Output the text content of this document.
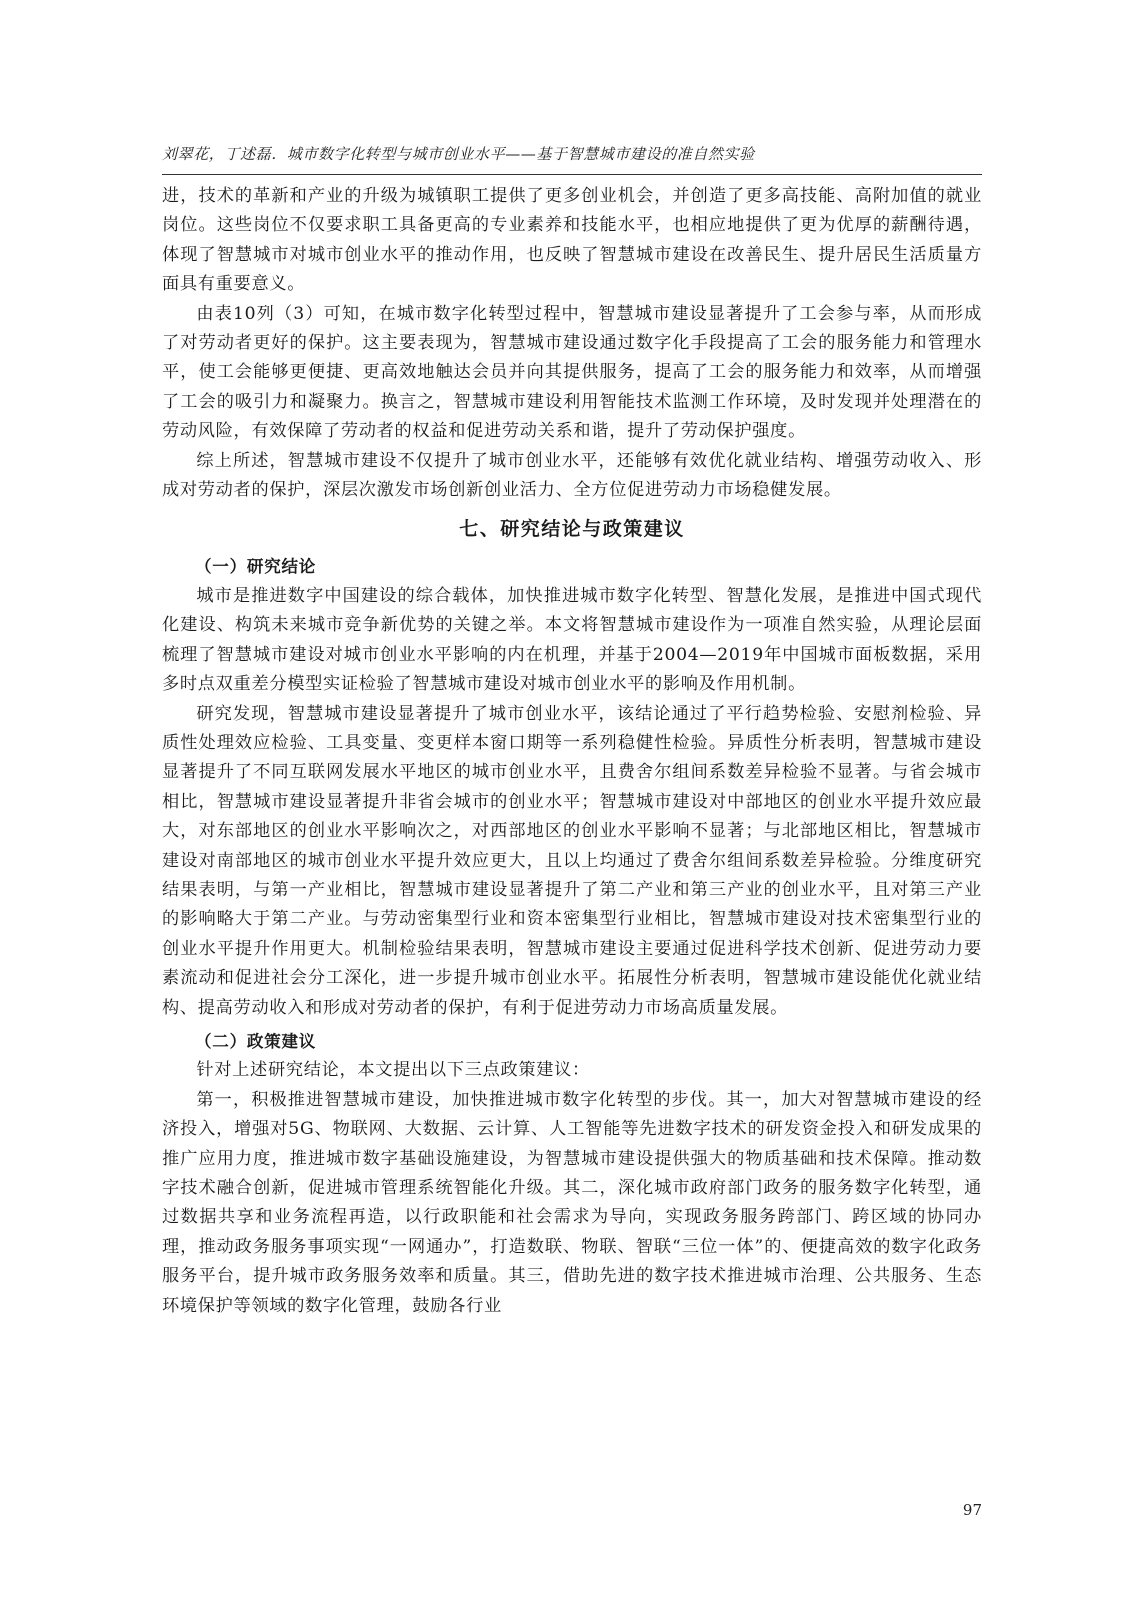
刘翠花，丁述磊．城市数字化转型与城市创业水平——基于智慧城市建设的准自然实验

进，技术的革新和产业的升级为城镇职工提供了更多创业机会，并创造了更多高技能、高附加值的就业岗位。这些岗位不仅要求职工具备更高的专业素养和技能水平，也相应地提供了更为优厚的薪酬待遇，体现了智慧城市对城市创业水平的推动作用，也反映了智慧城市建设在改善民生、提升居民生活质量方面具有重要意义。

由表10列（3）可知，在城市数字化转型过程中，智慧城市建设显著提升了工会参与率，从而形成了对劳动者更好的保护。这主要表现为，智慧城市建设通过数字化手段提高了工会的服务能力和管理水平，使工会能够更便捷、更高效地触达会员并向其提供服务，提高了工会的服务能力和效率，从而增强了工会的吸引力和凝聚力。换言之，智慧城市建设利用智能技术监测工作环境，及时发现并处理潜在的劳动风险，有效保障了劳动者的权益和促进劳动关系和谐，提升了劳动保护强度。

综上所述，智慧城市建设不仅提升了城市创业水平，还能够有效优化就业结构、增强劳动收入、形成对劳动者的保护，深层次激发市场创新创业活力、全方位促进劳动力市场稳健发展。

七、研究结论与政策建议
（一）研究结论

城市是推进数字中国建设的综合载体，加快推进城市数字化转型、智慧化发展，是推进中国式现代化建设、构筑未来城市竞争新优势的关键之举。本文将智慧城市建设作为一项准自然实验，从理论层面梳理了智慧城市建设对城市创业水平影响的内在机理，并基于2004—2019年中国城市面板数据，采用多时点双重差分模型实证检验了智慧城市建设对城市创业水平的影响及作用机制。

研究发现，智慧城市建设显著提升了城市创业水平，该结论通过了平行趋势检验、安慰剂检验、异质性处理效应检验、工具变量、变更样本窗口期等一系列稳健性检验。异质性分析表明，智慧城市建设显著提升了不同互联网发展水平地区的城市创业水平，且费舍尔组间系数差异检验不显著。与省会城市相比，智慧城市建设显著提升非省会城市的创业水平；智慧城市建设对中部地区的创业水平提升效应最大，对东部地区的创业水平影响次之，对西部地区的创业水平影响不显著；与北部地区相比，智慧城市建设对南部地区的城市创业水平提升效应更大，且以上均通过了费舍尔组间系数差异检验。分维度研究结果表明，与第一产业相比，智慧城市建设显著提升了第二产业和第三产业的创业水平，且对第三产业的影响略大于第二产业。与劳动密集型行业和资本密集型行业相比，智慧城市建设对技术密集型行业的创业水平提升作用更大。机制检验结果表明，智慧城市建设主要通过促进科学技术创新、促进劳动力要素流动和促进社会分工深化，进一步提升城市创业水平。拓展性分析表明，智慧城市建设能优化就业结构、提高劳动收入和形成对劳动者的保护，有利于促进劳动力市场高质量发展。

（二）政策建议

针对上述研究结论，本文提出以下三点政策建议：

第一，积极推进智慧城市建设，加快推进城市数字化转型的步伐。其一，加大对智慧城市建设的经济投入，增强对5G、物联网、大数据、云计算、人工智能等先进数字技术的研发资金投入和研发成果的推广应用力度，推进城市数字基础设施建设，为智慧城市建设提供强大的物质基础和技术保障。推动数字技术融合创新，促进城市管理系统智能化升级。其二，深化城市政府部门政务的服务数字化转型，通过数据共享和业务流程再造，以行政职能和社会需求为导向，实现政务服务跨部门、跨区域的协同办理，推动政务服务事项实现“一网通办”，打造数联、物联、智联“三位一体”的、便捷高效的数字化政务服务平台，提升城市政务服务效率和质量。其三，借助先进的数字技术推进城市治理、公共服务、生态环境保护等领域的数字化管理，鼓励各行业

97
